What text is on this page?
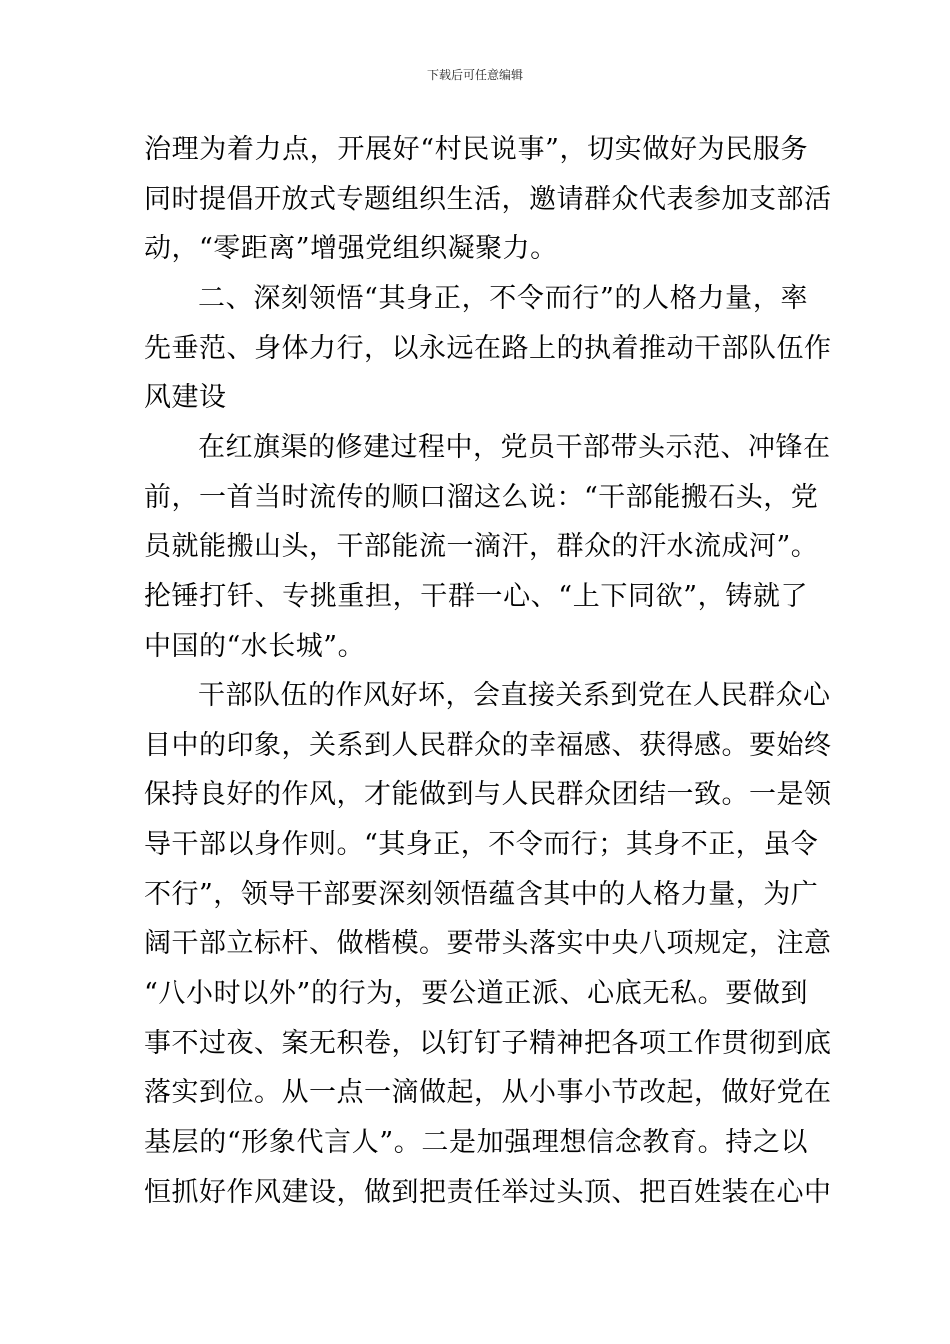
下载后可任意编辑
治理为着力点，开展好“村民说事”，切实做好为民服务
同时提倡开放式专题组织生活，邀请群众代表参加支部活
动，“零距离”增强党组织凝聚力。
二、深刻领悟“其身正，不令而行”的人格力量，率
先垂范、身体力行，以永远在路上的执着推动干部队伍作
风建设
在红旗渠的修建过程中，党员干部带头示范、冲锋在
前，一首当时流传的顺口溜这么说：“干部能搬石头，党
员就能搬山头，干部能流一滴汗，群众的汗水流成河”。
抡锤打钎、专挑重担，干群一心、“上下同欲”，铸就了
中国的“水长城”。
干部队伍的作风好坏，会直接关系到党在人民群众心
目中的印象，关系到人民群众的幸福感、获得感。要始终
保持良好的作风，才能做到与人民群众团结一致。一是领
导干部以身作则。“其身正，不令而行；其身不正，虽令
不行”，领导干部要深刻领悟蕴含其中的人格力量，为广
阔干部立标杆、做楷模。要带头落实中央八项规定，注意
“八小时以外”的行为，要公道正派、心底无私。要做到
事不过夜、案无积卷，以钉钉子精神把各项工作贯彻到底
落实到位。从一点一滴做起，从小事小节改起，做好党在
基层的“形象代言人”。二是加强理想信念教育。持之以
恒抓好作风建设，做到把责任举过头顶、把百姓装在心中
